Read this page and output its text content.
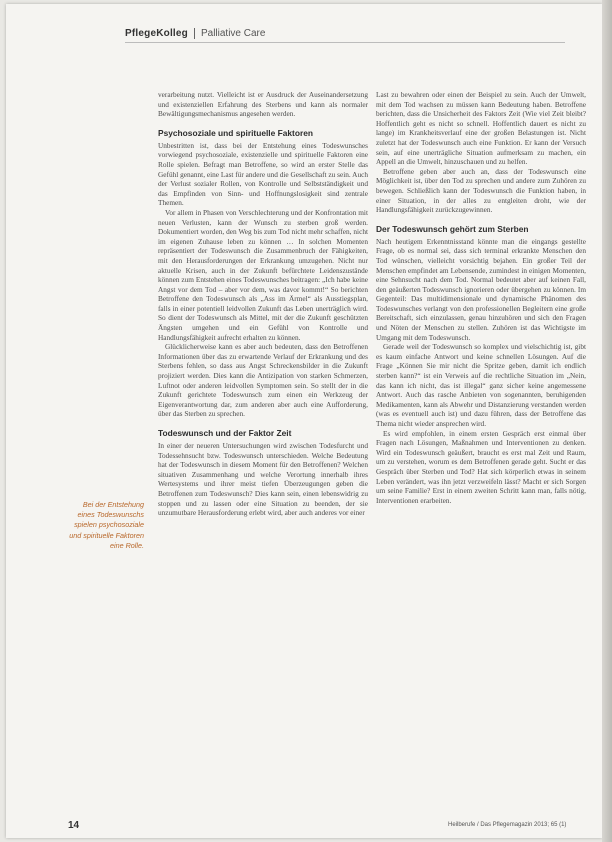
PflegeKolleg Palliative Care
Bei der Entstehung eines Todeswunschs spielen psychosoziale und spirituelle Faktoren eine Rolle.

verarbeitung nutzt. Vielleicht ist er Ausdruck der Auseinandersetzung und existenziellen Erfahrung des Sterbens und kann als normaler Bewältigungsmechanismus angesehen werden.

Psychosoziale und spirituelle Faktoren

Unbestritten ist, dass bei der Entstehung eines Todeswunsches vorwiegend psychosoziale, existenzielle und spirituelle Faktoren eine Rolle spielen. Befragt man Betroffene, so wird an erster Stelle das Gefühl genannt, eine Last für andere und die Gesellschaft zu sein. Auch der Verlust sozialer Rollen, von Kontrolle und Selbstständigkeit und das Empfinden von Sinn- und Hoffnungslosigkeit sind zentrale Themen.

Vor allem in Phasen von Verschlechterung und der Konfrontation mit neuen Verlusten, kann der Wunsch zu sterben groß werden. Dokumentiert worden, den Weg bis zum Tod nicht mehr schaffen, nicht im eigenen Zuhause leben zu können … In solchen Momenten repräsentiert der Todeswunsch die Zusammenbruch der Fähigkeiten, mit den Herausforderungen der Erkrankung umzugehen. Nicht nur aktuelle Krisen, auch in der Zukunft befürchtete Leidenszustände können zum Entstehen eines Todeswunsches beitragen: „Ich habe keine Angst vor dem Tod – aber vor dem, was davor kommt!“ So berichten Betroffene den Todeswunsch als „Ass im Ärmel“ als Ausstiegsplan, falls in einer potentiell leidvollen Zukunft das Leben unerträglich wird. So dient der Todeswunsch als Mittel, mit der die Zukunft geschützten Ängsten umgehen und ein Gefühl von Kontrolle und Handlungsfähigkeit aufrecht erhalten zu können.

Glücklicherweise kann es aber auch bedeuten, dass den Betroffenen Informationen über das zu erwartende Verlauf der Erkrankung und des Sterbens fehlen, so dass aus Angst Schreckensbilder in die Zukunft projiziert werden. Dies kann die Antizipation von starken Schmerzen, Luftnot oder anderen leidvollen Symptomen sein. So stellt der in die Zukunft gerichtete Todeswunsch zum einen ein Werkzeug der Eigenverantwortung dar, zum anderen aber auch eine Aufforderung, über das Sterben zu sprechen.

Todeswunsch und der Faktor Zeit

In einer der neueren Untersuchungen wird zwischen Todesfurcht und Todessehnsucht bzw. Todeswunsch unterschieden. Welche Bedeutung hat der Todeswunsch in diesem Moment für den Betroffenen? Welchen situativen Zusammenhang und welche Verortung innerhalb ihres Wertesystems und ihrer meist tiefen Überzeugungen geben die Betroffenen zum Todeswunsch? Dies kann sein, einen lebenswidrig zu stoppen und zu lassen oder eine Situation zu beenden, der sie unzumutbare Herausforderung erlebt wird, aber auch anderes vor einer

Last zu bewahren oder einen der Beispiel zu sein. Auch der Umwelt, mit dem Tod wachsen zu müssen kann Bedeutung haben. Betroffene berichten, dass die Unsicherheit des Faktors Zeit (Wie viel Zeit bleibt? Hoffentlich geht es nicht so schnell. Hoffentlich dauert es nicht zu lange) im Krankheitsverlauf eine der großen Belastungen ist. Nicht zuletzt hat der Todeswunsch auch eine Funktion. Er kann der Versuch sein, auf eine unerträgliche Situation aufmerksam zu machen, ein Appell an die Umwelt, hinzuschauen und zu helfen.

Betroffene geben aber auch an, dass der Todeswunsch eine Möglichkeit ist, über den Tod zu sprechen und andere zum Zuhören zu bewegen. Schließlich kann der Todeswunsch die Funktion haben, in einer Situation, in der alles zu entgleiten droht, wie der Handlungsfähigkeit zurückzugewinnen.

Der Todeswunsch gehört zum Sterben

Nach heutigem Erkenntnisstand könnte man die eingangs gestellte Frage, ob es normal sei, dass sich terminal erkrankte Menschen den Tod wünschen, vielleicht vorsichtig bejahen. Ein großer Teil der Menschen empfindet am Lebensende, zumindest in einigen Momenten, eine Sehnsucht nach dem Tod. Normal bedeutet aber auf keinen Fall, den geäußerten Todeswunsch ignorieren oder übergehen zu können. Im Gegenteil: Das multidimensionale und dynamische Phänomen des Todeswunsches verlangt von den professionellen Begleitern eine große Bereitschaft, sich einzulassen, genau hinzuhören und sich den Fragen und Nöten der Menschen zu stellen. Zuhören ist das Wichtigste im Umgang mit dem Todeswunsch.

Gerade weil der Todeswunsch so komplex und vielschichtig ist, gibt es kaum einfache Antwort und keine schnellen Lösungen. Auf die Frage „Können Sie mir nicht die Spritze geben, damit ich endlich sterben kann?“ ist ein Verweis auf die rechtliche Situation im „Nein, das kann ich nicht, das ist illegal“ ganz sicher keine angemessene Antwort. Auch das rasche Anbieten von sogenannten, beruhigenden Medikamenten, kann als Abwehr und Distanzierung verstanden werden (was es eventuell auch ist) und dazu führen, dass der Betroffene das Thema nicht wieder ansprechen wird.

Es wird empfohlen, in einem ersten Gespräch erst einmal über Fragen nach Lösungen, Maßnahmen und Interventionen zu denken. Wird ein Todeswunsch geäußert, braucht es erst mal Zeit und Raum, um zu verstehen, worum es dem Betroffenen gerade geht. Sucht er das Gespräch über Sterben und Tod? Hat sich körperlich etwas in seinem Leben verändert, was ihn jetzt verzweifeln lässt? Macht er sich Sorgen um seine Familie? Erst in einem zweiten Schritt kann man, falls nötig, Interventionen erarbeiten.

14	Heilberufe / Das Pflegemagazin 2013; 65 (1)
